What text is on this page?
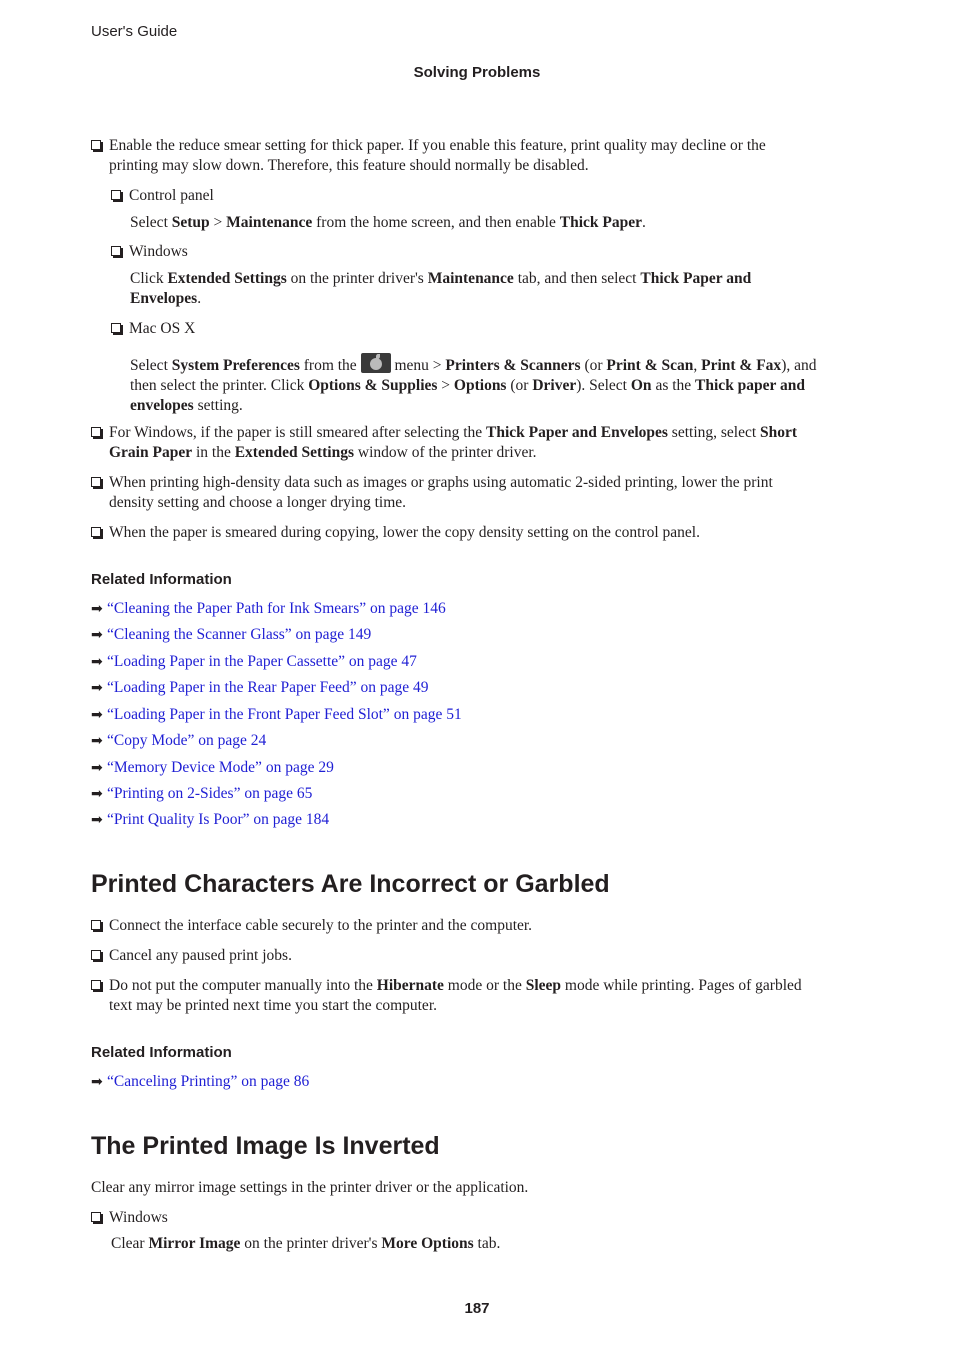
User's Guide
Solving Problems
Enable the reduce smear setting for thick paper. If you enable this feature, print quality may decline or the
printing may slow down. Therefore, this feature should normally be disabled.
Control panel
Select Setup > Maintenance from the home screen, and then enable Thick Paper.
Windows
Click Extended Settings on the printer driver's Maintenance tab, and then select Thick Paper and
Envelopes.
Mac OS X
Select System Preferences from the  menu > Printers & Scanners (or Print & Scan, Print & Fax), and
then select the printer. Click Options & Supplies > Options (or Driver). Select On as the Thick paper and
envelopes setting.
For Windows, if the paper is still smeared after selecting the Thick Paper and Envelopes setting, select Short
Grain Paper in the Extended Settings window of the printer driver.
When printing high-density data such as images or graphs using automatic 2-sided printing, lower the print
density setting and choose a longer drying time.
When the paper is smeared during copying, lower the copy density setting on the control panel.
Related Information
➡ “Cleaning the Paper Path for Ink Smears” on page 146
➡ “Cleaning the Scanner Glass” on page 149
➡ “Loading Paper in the Paper Cassette” on page 47
➡ “Loading Paper in the Rear Paper Feed” on page 49
➡ “Loading Paper in the Front Paper Feed Slot” on page 51
➡ “Copy Mode” on page 24
➡ “Memory Device Mode” on page 29
➡ “Printing on 2-Sides” on page 65
➡ “Print Quality Is Poor” on page 184
Printed Characters Are Incorrect or Garbled
Connect the interface cable securely to the printer and the computer.
Cancel any paused print jobs.
Do not put the computer manually into the Hibernate mode or the Sleep mode while printing. Pages of garbled
text may be printed next time you start the computer.
Related Information
➡ “Canceling Printing” on page 86
The Printed Image Is Inverted
Clear any mirror image settings in the printer driver or the application.
Windows
Clear Mirror Image on the printer driver's More Options tab.
187
